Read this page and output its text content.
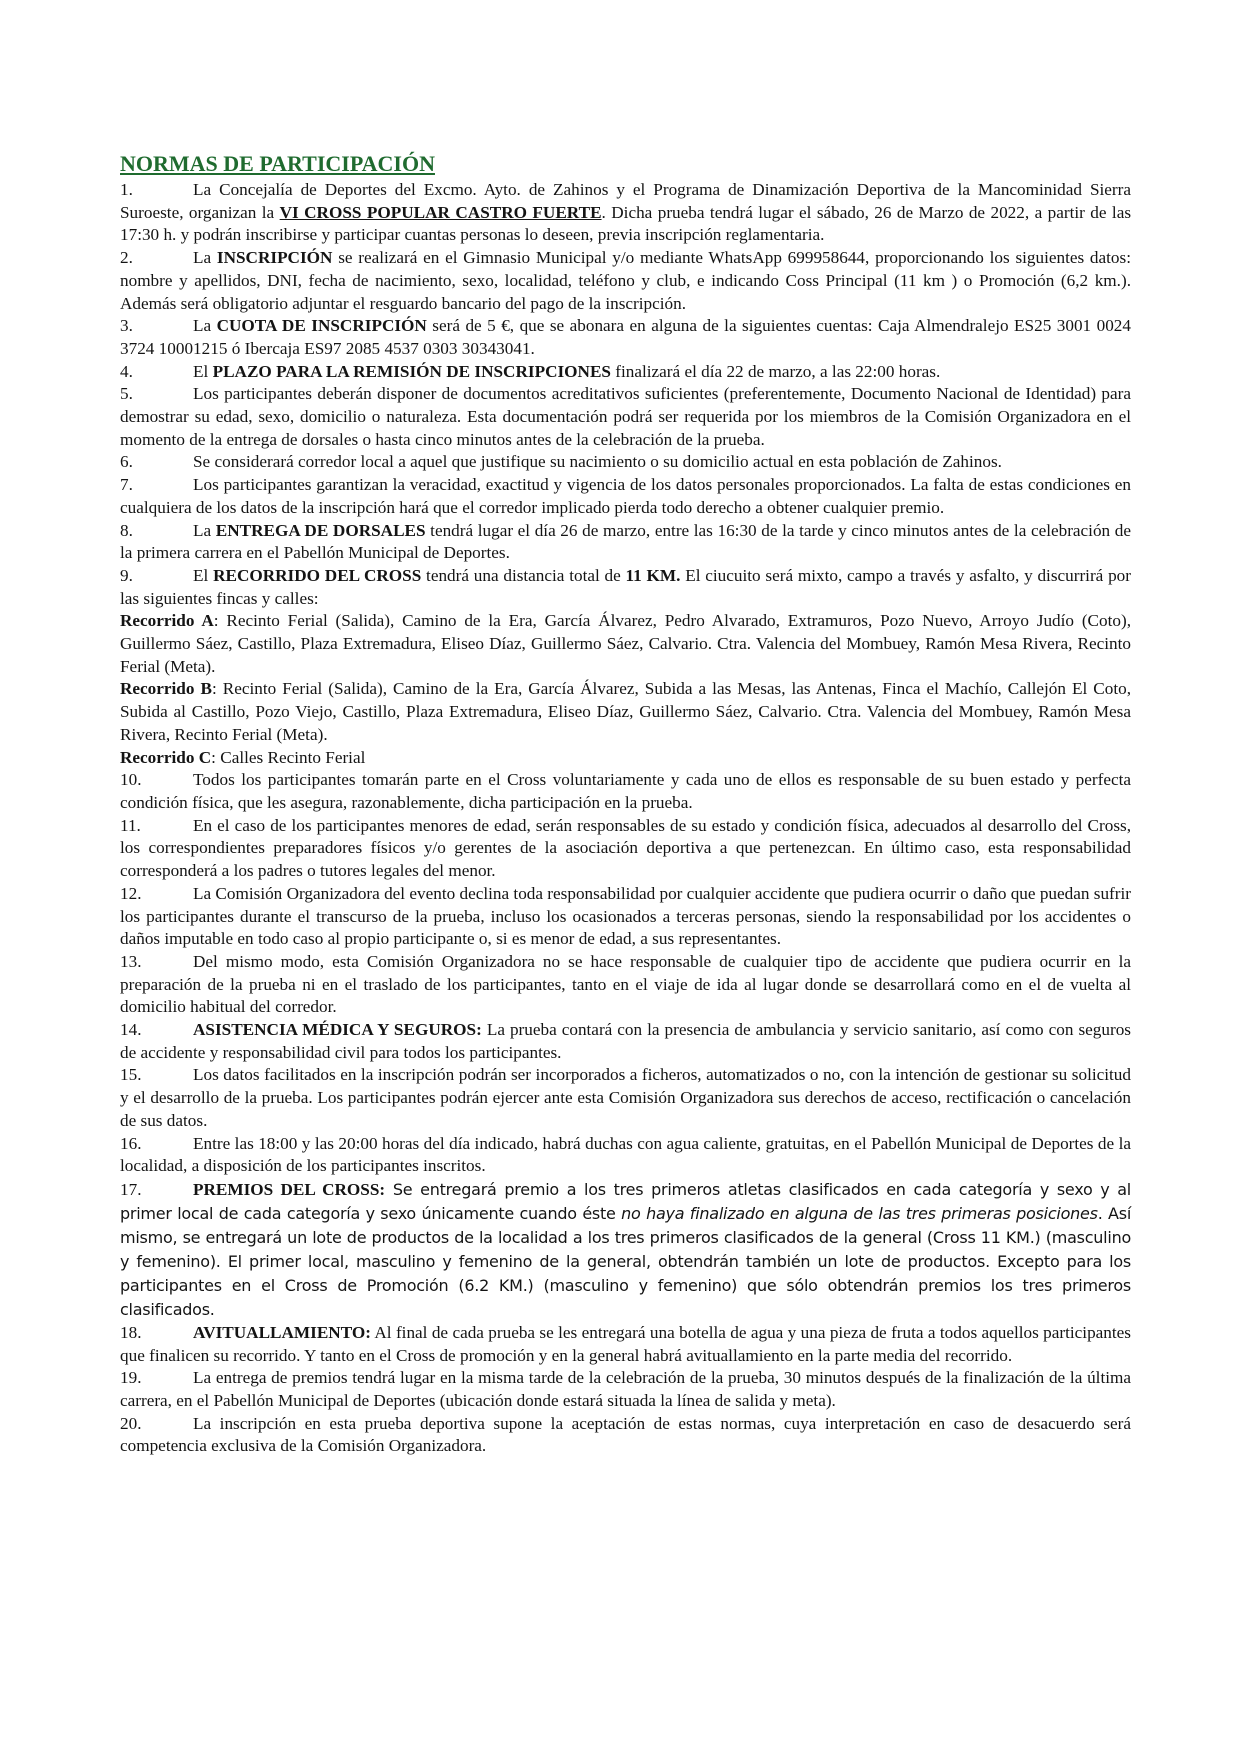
NORMAS DE PARTICIPACIÓN

1.	La Concejalía de Deportes del Excmo. Ayto. de Zahinos y el Programa de Dinamización Deportiva de la Mancominidad Sierra Suroeste, organizan la VI CROSS POPULAR CASTRO FUERTE. Dicha prueba tendrá lugar el sábado, 26 de Marzo de 2022, a partir de las 17:30 h. y podrán inscribirse y participar cuantas personas lo deseen, previa inscripción reglamentaria.

2.	La INSCRIPCIÓN se realizará en el Gimnasio Municipal y/o mediante WhatsApp 699958644, proporcionando los siguientes datos: nombre y apellidos, DNI, fecha de nacimiento, sexo, localidad, teléfono y club, e indicando Coss Principal (11 km ) o Promoción (6,2 km.). Además será obligatorio adjuntar el resguardo bancario del pago de la inscripción.

3.	La CUOTA DE INSCRIPCIÓN será de 5 €, que se abonara en alguna de la siguientes cuentas: Caja Almendralejo ES25 3001 0024 3724 10001215 ó Ibercaja ES97 2085 4537 0303 30343041.

4.	El PLAZO PARA LA REMISIÓN DE INSCRIPCIONES finalizará el día 22 de marzo, a las 22:00 horas.

5.	Los participantes deberán disponer de documentos acreditativos suficientes (preferentemente, Documento Nacional de Identidad) para demostrar su edad, sexo, domicilio o naturaleza. Esta documentación podrá ser requerida por los miembros de la Comisión Organizadora en el momento de la entrega de dorsales o hasta cinco minutos antes de la celebración de la prueba.

6.	Se considerará corredor local a aquel que justifique su nacimiento o su domicilio actual en esta población de Zahinos.

7.	Los participantes garantizan la veracidad, exactitud y vigencia de los datos personales proporcionados. La falta de estas condiciones en cualquiera de los datos de la inscripción hará que el corredor implicado pierda todo derecho a obtener cualquier premio.

8.	La ENTREGA DE DORSALES tendrá lugar el día 26 de marzo, entre las 16:30 de la tarde y cinco minutos antes de la celebración de la primera carrera en el Pabellón Municipal de Deportes.

9.	El RECORRIDO DEL CROSS tendrá una distancia total de 11 KM. El ciucuito será mixto, campo a través y asfalto, y discurrirá por las siguientes fincas y calles:

Recorrido A: Recinto Ferial (Salida), Camino de la Era, García Álvarez, Pedro Alvarado, Extramuros, Pozo Nuevo, Arroyo Judío (Coto), Guillermo Sáez, Castillo, Plaza Extremadura, Eliseo Díaz, Guillermo Sáez, Calvario. Ctra. Valencia del Mombuey, Ramón Mesa Rivera, Recinto Ferial (Meta).

Recorrido B: Recinto Ferial (Salida), Camino de la Era, García Álvarez, Subida a las Mesas, las Antenas, Finca el Machío, Callejón El Coto, Subida al Castillo, Pozo Viejo, Castillo, Plaza Extremadura, Eliseo Díaz, Guillermo Sáez, Calvario. Ctra. Valencia del Mombuey, Ramón Mesa Rivera, Recinto Ferial (Meta).

Recorrido C: Calles Recinto Ferial

10.	Todos los participantes tomarán parte en el Cross voluntariamente y cada uno de ellos es responsable de su buen estado y perfecta condición física, que les asegura, razonablemente, dicha participación en la prueba.

11.	En el caso de los participantes menores de edad, serán responsables de su estado y condición física, adecuados al desarrollo del Cross, los correspondientes preparadores físicos y/o gerentes de la asociación deportiva a que pertenezcan. En último caso, esta responsabilidad corresponderá a los padres o tutores legales del menor.

12.	La Comisión Organizadora del evento declina toda responsabilidad por cualquier accidente que pudiera ocurrir o daño que puedan sufrir los participantes durante el transcurso de la prueba, incluso los ocasionados a terceras personas, siendo la responsabilidad por los accidentes o daños imputable en todo caso al propio participante o, si es menor de edad, a sus representantes.

13.	Del mismo modo, esta Comisión Organizadora no se hace responsable de cualquier tipo de accidente que pudiera ocurrir en la preparación de la prueba ni en el traslado de los participantes, tanto en el viaje de ida al lugar donde se desarrollará como en el de vuelta al domicilio habitual del corredor.

14.	ASISTENCIA MÉDICA Y SEGUROS: La prueba contará con la presencia de ambulancia y servicio sanitario, así como con seguros de accidente y responsabilidad civil para todos los participantes.

15.	Los datos facilitados en la inscripción podrán ser incorporados a ficheros, automatizados o no, con la intención de gestionar su solicitud y el desarrollo de la prueba. Los participantes podrán ejercer ante esta Comisión Organizadora sus derechos de acceso, rectificación o cancelación de sus datos.

16.	Entre las 18:00 y las 20:00 horas del día indicado, habrá duchas con agua caliente, gratuitas, en el Pabellón Municipal de Deportes de la localidad, a disposición de los participantes inscritos.

17.	PREMIOS DEL CROSS: Se entregará premio a los tres primeros atletas clasificados en cada categoría y sexo y al primer local de cada categoría y sexo únicamente cuando éste no haya finalizado en alguna de las tres primeras posiciones. Así mismo, se entregará un lote de productos de la localidad a los tres primeros clasificados de la general (Cross 11 KM.) (masculino y femenino). El primer local, masculino y femenino de la general, obtendrán también un lote de productos. Excepto para los participantes en el Cross de Promoción (6.2 KM.) (masculino y femenino) que sólo obtendrán premios los tres primeros clasificados.

18.	AVITUALLAMIENTO: Al final de cada prueba se les entregará una botella de agua y una pieza de fruta a todos aquellos participantes que finalicen su recorrido. Y tanto en el Cross de promoción y en la general habrá avituallamiento en la parte media del recorrido.

19.	La entrega de premios tendrá lugar en la misma tarde de la celebración de la prueba, 30 minutos después de la finalización de la última carrera, en el Pabellón Municipal de Deportes (ubicación donde estará situada la línea de salida y meta).

20.	La inscripción en esta prueba deportiva supone la aceptación de estas normas, cuya interpretación en caso de desacuerdo será competencia exclusiva de la Comisión Organizadora.
